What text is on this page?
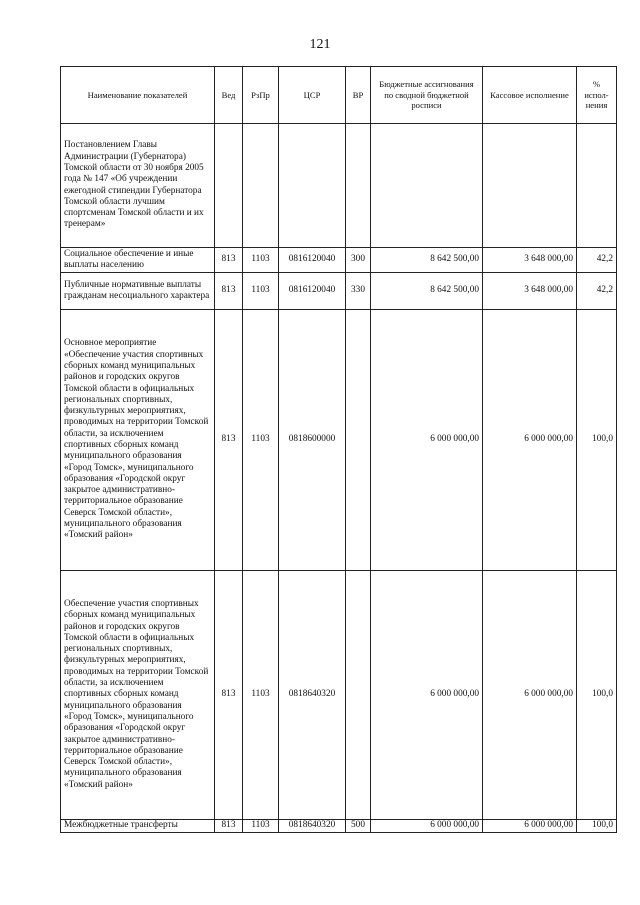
121
Наименование показателей	Вед	РзПр	ЦСР	ВР	Бюджетные ассигнования по сводной бюджетной росписи	Кассовое исполнение	% испол-нения
Постановлением Главы Администрации (Губернатора) Томской области от 30 ноября 2005 года № 147 «Об учреждении ежегодной стипендии Губернатора Томской области лучшим спортсменам Томской области и их тренерам»							
Социальное обеспечение и иные выплаты населению	813	1103	0816120040	300	8 642 500,00	3 648 000,00	42,2
Публичные нормативные выплаты гражданам несоциального характера	813	1103	0816120040	330	8 642 500,00	3 648 000,00	42,2
Основное мероприятие «Обеспечение участия спортивных сборных команд муниципальных районов и городских округов Томской области в официальных региональных спортивных, физкультурных мероприятиях, проводимых на территории Томской области, за исключением спортивных сборных команд муниципального образования «Город Томск», муниципального образования «Городской округ закрытое административно-территориальное образование Северск Томской области», муниципального образования «Томский район»	813	1103	0818600000		6 000 000,00	6 000 000,00	100,0
Обеспечение участия спортивных сборных команд муниципальных районов и городских округов Томской области в официальных региональных спортивных, физкультурных мероприятиях, проводимых на территории Томской области, за исключением спортивных сборных команд муниципального образования «Город Томск», муниципального образования «Городской округ закрытое административно-территориальное образование Северск Томской области», муниципального образования «Томский район»	813	1103	0818640320		6 000 000,00	6 000 000,00	100,0
Межбюджетные трансферты	813	1103	0818640320	500	6 000 000,00	6 000 000,00	100,0
